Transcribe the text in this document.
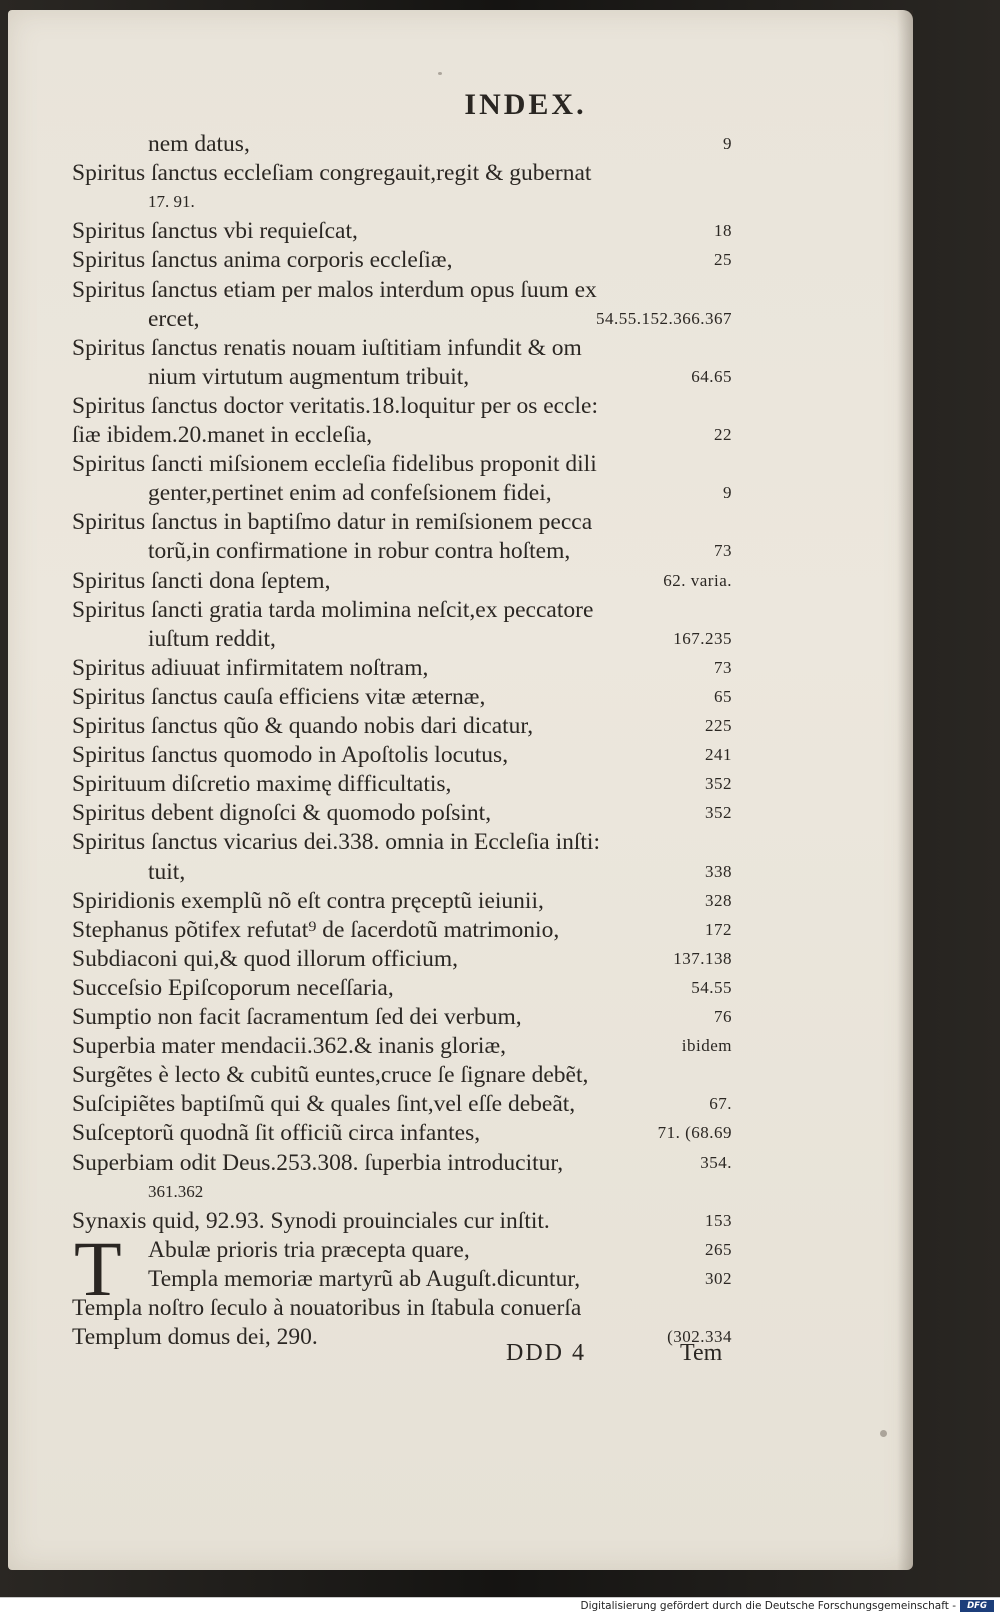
INDEX.
T
nem datus,	9
Spiritus ſanctus eccleſiam congregauit,regit & gubernat
17. 91.
Spiritus ſanctus vbi requieſcat,	18
Spiritus ſanctus anima corporis eccleſiæ,	25
Spiritus ſanctus etiam per malos interdum opus ſuum ex
ercet,	54.55.152.366.367
Spiritus ſanctus renatis nouam iuſtitiam infundit & om
nium virtutum augmentum tribuit,	64.65
Spiritus ſanctus doctor veritatis.18.loquitur per os eccle:
ſiæ ibidem.20.manet in eccleſia,	22
Spiritus ſancti miſsionem eccleſia fidelibus proponit dili
genter,pertinet enim ad confeſsionem fidei,	9
Spiritus ſanctus in baptiſmo datur in remiſsionem pecca
torũ,in confirmatione in robur contra hoſtem,	73
Spiritus ſancti dona ſeptem,	62. varia.
Spiritus ſancti gratia tarda molimina neſcit,ex peccatore
iuſtum reddit,	167.235
Spiritus adiuuat infirmitatem noſtram,	73
Spiritus ſanctus cauſa efficiens vitæ æternæ,	65
Spiritus ſanctus qũo & quando nobis dari dicatur,	225
Spiritus ſanctus quomodo in Apoſtolis locutus,	241
Spirituum diſcretio maximę difficultatis,	352
Spiritus debent dignoſci & quomodo poſsint,	352
Spiritus ſanctus vicarius dei.338. omnia in Eccleſia inſti:
tuit,	338
Spiridionis exemplũ nõ eſt contra pręceptũ ieiunii,	328
Stephanus põtifex refutat⁹ de ſacerdotũ matrimonio,	172
Subdiaconi qui,& quod illorum officium,	137.138
Succeſsio Epiſcoporum neceſſaria,	54.55
Sumptio non facit ſacramentum ſed dei verbum,	76
Superbia mater mendacii.362.& inanis gloriæ,	ibidem
Surgẽtes è lecto & cubitũ euntes,cruce ſe ſignare debẽt,
Suſcipiẽtes baptiſmũ qui & quales ſint,vel eſſe debeãt,	67.
Suſceptorũ quodnã ſit officiũ circa infantes,	71. (68.69
Superbiam odit Deus.253.308. ſuperbia introducitur,	354.
361.362
Synaxis quid, 92.93. Synodi prouinciales cur inſtit.	153
Abulæ prioris tria præcepta quare,	265
Templa memoriæ martyrũ ab Auguſt.dicuntur,	302
Templa noſtro ſeculo à nouatoribus in ſtabula conuerſa
Templum domus dei, 290.	(302.334
DDD 4	Tem
Digitalisierung gefördert durch die Deutsche Forschungsgemeinschaft -	DFG
